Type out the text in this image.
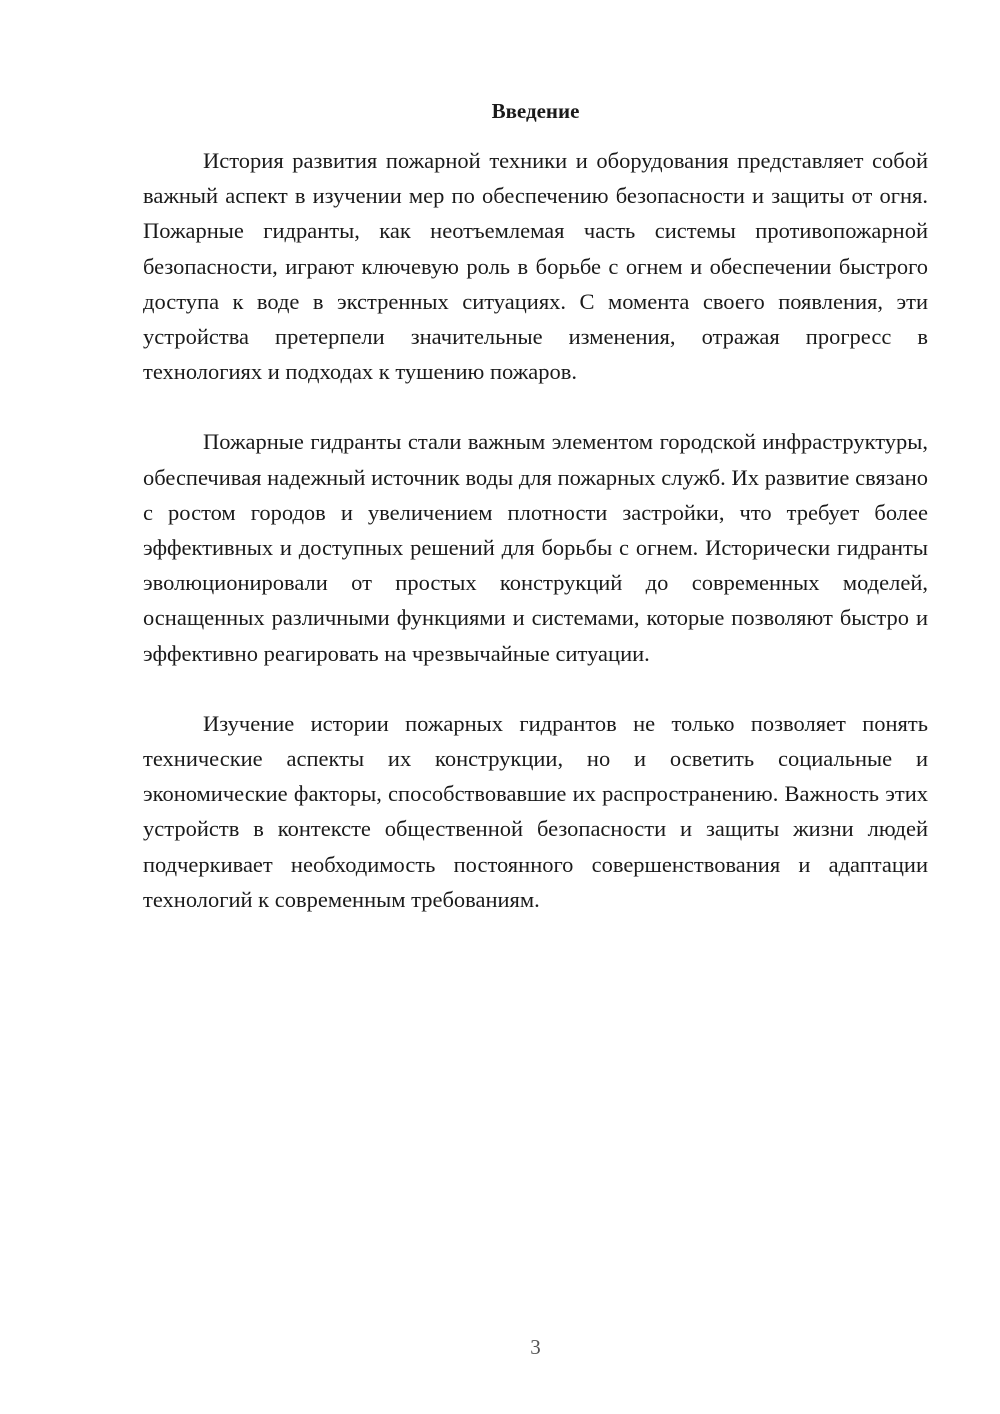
Введение

История развития пожарной техники и оборудования представляет собой важный аспект в изучении мер по обеспечению безопасности и защиты от огня. Пожарные гидранты, как неотъемлемая часть системы противопожарной безопасности, играют ключевую роль в борьбе с огнем и обеспечении быстрого доступа к воде в экстренных ситуациях. С момента своего появления, эти устройства претерпели значительные изменения, отражая прогресс в технологиях и подходах к тушению пожаров.

Пожарные гидранты стали важным элементом городской инфраструктуры, обеспечивая надежный источник воды для пожарных служб. Их развитие связано с ростом городов и увеличением плотности застройки, что требует более эффективных и доступных решений для борьбы с огнем. Исторически гидранты эволюционировали от простых конструкций до современных моделей, оснащенных различными функциями и системами, которые позволяют быстро и эффективно реагировать на чрезвычайные ситуации.

Изучение истории пожарных гидрантов не только позволяет понять технические аспекты их конструкции, но и осветить социальные и экономические факторы, способствовавшие их распространению. Важность этих устройств в контексте общественной безопасности и защиты жизни людей подчеркивает необходимость постоянного совершенствования и адаптации технологий к современным требованиям.

3
